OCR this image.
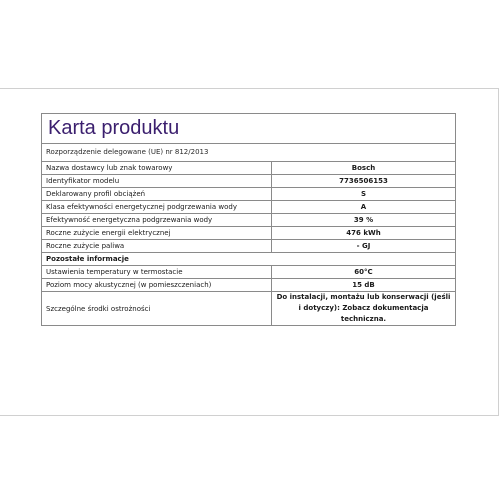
Karta produktu
Rozporządzenie delegowane (UE) nr 812/2013
Nazwa dostawcy lub znak towarowy	Bosch
Identyfikator modelu	7736506153
Deklarowany profil obciążeń	S
Klasa efektywności energetycznej podgrzewania wody	A
Efektywność energetyczna podgrzewania wody	39 %
Roczne zużycie energii elektrycznej	476 kWh
Roczne zużycie paliwa	- GJ
Pozostałe informacje	
Ustawienia temperatury w termostacie	60°C
Poziom mocy akustycznej (w pomieszczeniach)	15 dB
Szczególne środki ostrożności	Do instalacji, montażu lub konserwacji (jeśli i dotyczy): Zobacz dokumentacja techniczna.
